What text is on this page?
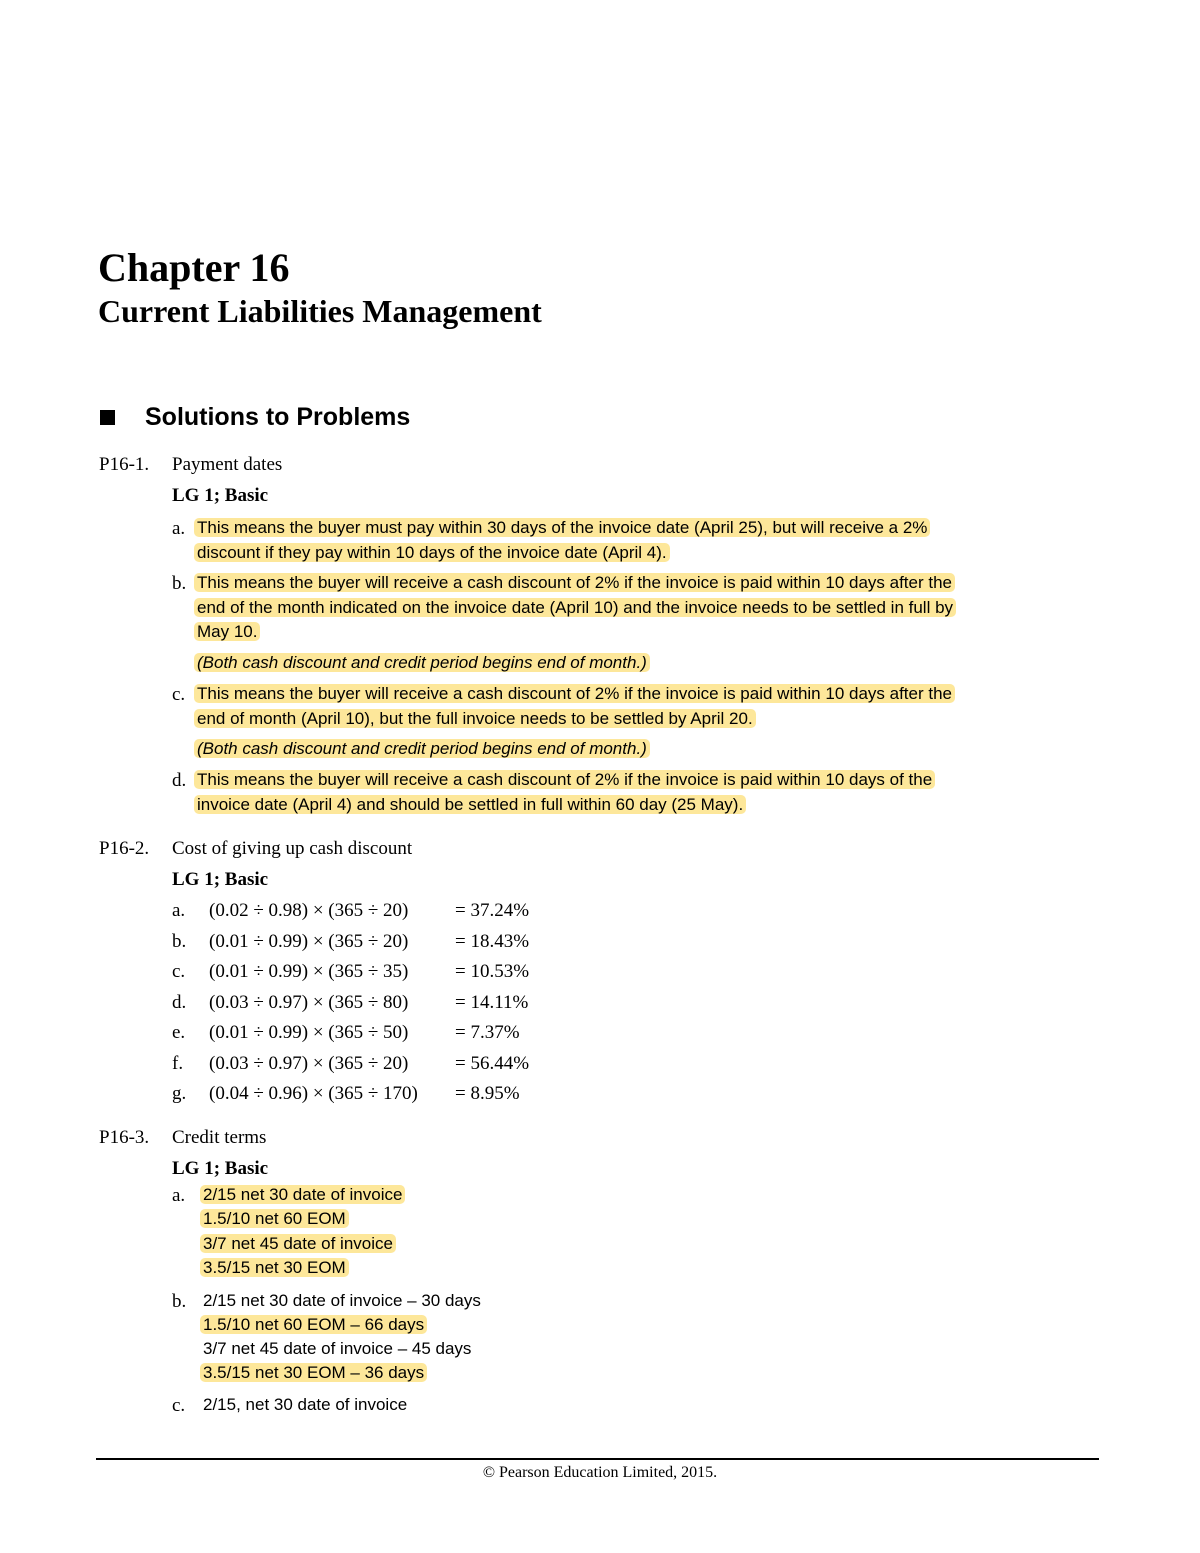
Chapter 16
Current Liabilities Management
Solutions to Problems
P16-1. Payment dates
LG 1; Basic
a. This means the buyer must pay within 30 days of the invoice date (April 25), but will receive a 2%
discount if they pay within 10 days of the invoice date (April 4).
b. This means the buyer will receive a cash discount of 2% if the invoice is paid within 10 days after the
end of the month indicated on the invoice date (April 10) and the invoice needs to be settled in full by
May 10.
(Both cash discount and credit period begins end of month.)
c. This means the buyer will receive a cash discount of 2% if the invoice is paid within 10 days after the
end of month (April 10), but the full invoice needs to be settled by April 20.
(Both cash discount and credit period begins end of month.)
d. This means the buyer will receive a cash discount of 2% if the invoice is paid within 10 days of the
invoice date (April 4) and should be settled in full within 60 day (25 May).
P16-2. Cost of giving up cash discount
LG 1; Basic
a. (0.02 ÷ 0.98) × (365 ÷ 20) = 37.24%
b. (0.01 ÷ 0.99) × (365 ÷ 20) = 18.43%
c. (0.01 ÷ 0.99) × (365 ÷ 35) = 10.53%
d. (0.03 ÷ 0.97) × (365 ÷ 80) = 14.11%
e. (0.01 ÷ 0.99) × (365 ÷ 50) = 7.37%
f. (0.03 ÷ 0.97) × (365 ÷ 20) = 56.44%
g. (0.04 ÷ 0.96) × (365 ÷ 170) = 8.95%
P16-3. Credit terms
LG 1; Basic
a.	2/15 net 30 date of invoice
1.5/10 net 60 EOM
3/7 net 45 date of invoice
3.5/15 net 30 EOM
b. 2/15 net 30 date of invoice – 30 days
1.5/10 net 60 EOM – 66 days
3/7 net 45 date of invoice – 45 days
3.5/15 net 30 EOM – 36 days
c.	2/15, net 30 date of invoice
© Pearson Education Limited, 2015.
